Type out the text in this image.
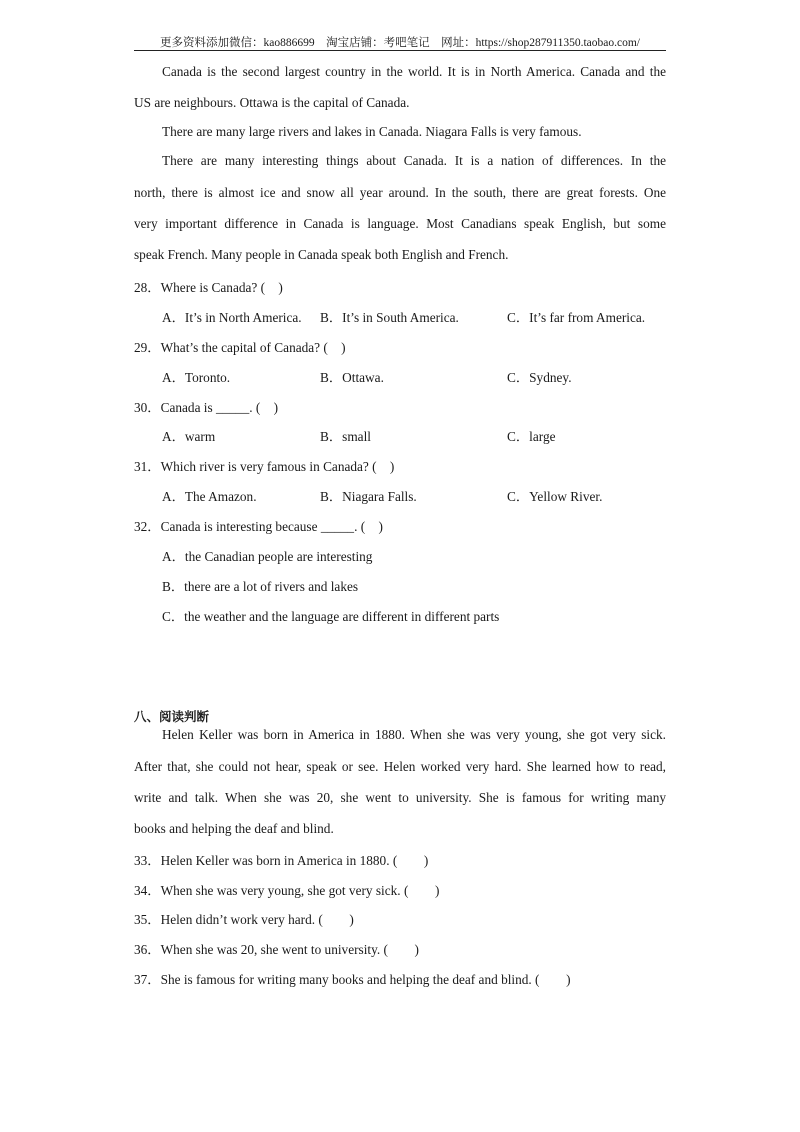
更多资料添加微信：kao886699　淘宝店铺：考吧笔记　网址：https://shop287911350.taobao.com/
Canada is the second largest country in the world. It is in North America. Canada and the
US are neighbours. Ottawa is the capital of Canada.
There are many large rivers and lakes in Canada. Niagara Falls is very famous.
There are many interesting things about Canada. It is a nation of differences. In the
north, there is almost ice and snow all year around. In the south, there are great forests. One
very important difference in Canada is language. Most Canadians speak English, but some
speak French. Many people in Canada speak both English and French.
28．Where is Canada? (　)
A．It’s in North America. B．It’s in South America.	C．It’s far from America.
29．What’s the capital of Canada? (　)
A．Toronto.	B．Ottawa.	C．Sydney.
30．Canada is _____. (　)
A．warm	B．small	C．large
31．Which river is very famous in Canada? (　)
A．The Amazon.	B．Niagara Falls.	C．Yellow River.
32．Canada is interesting because _____. (　)
A．the Canadian people are interesting
B．there are a lot of rivers and lakes
C．the weather and the language are different in different parts
八、阅读判断
Helen Keller was born in America in 1880. When she was very young, she got very sick.
After that, she could not hear, speak or see. Helen worked very hard. She learned how to read,
write and talk. When she was 20, she went to university. She is famous for writing many
books and helping the deaf and blind.
33．Helen Keller was born in America in 1880. (　　)
34．When she was very young, she got very sick. (　　)
35．Helen didn’t work very hard. (　　)
36．When she was 20, she went to university. (　　)
37．She is famous for writing many books and helping the deaf and blind. (　　)
